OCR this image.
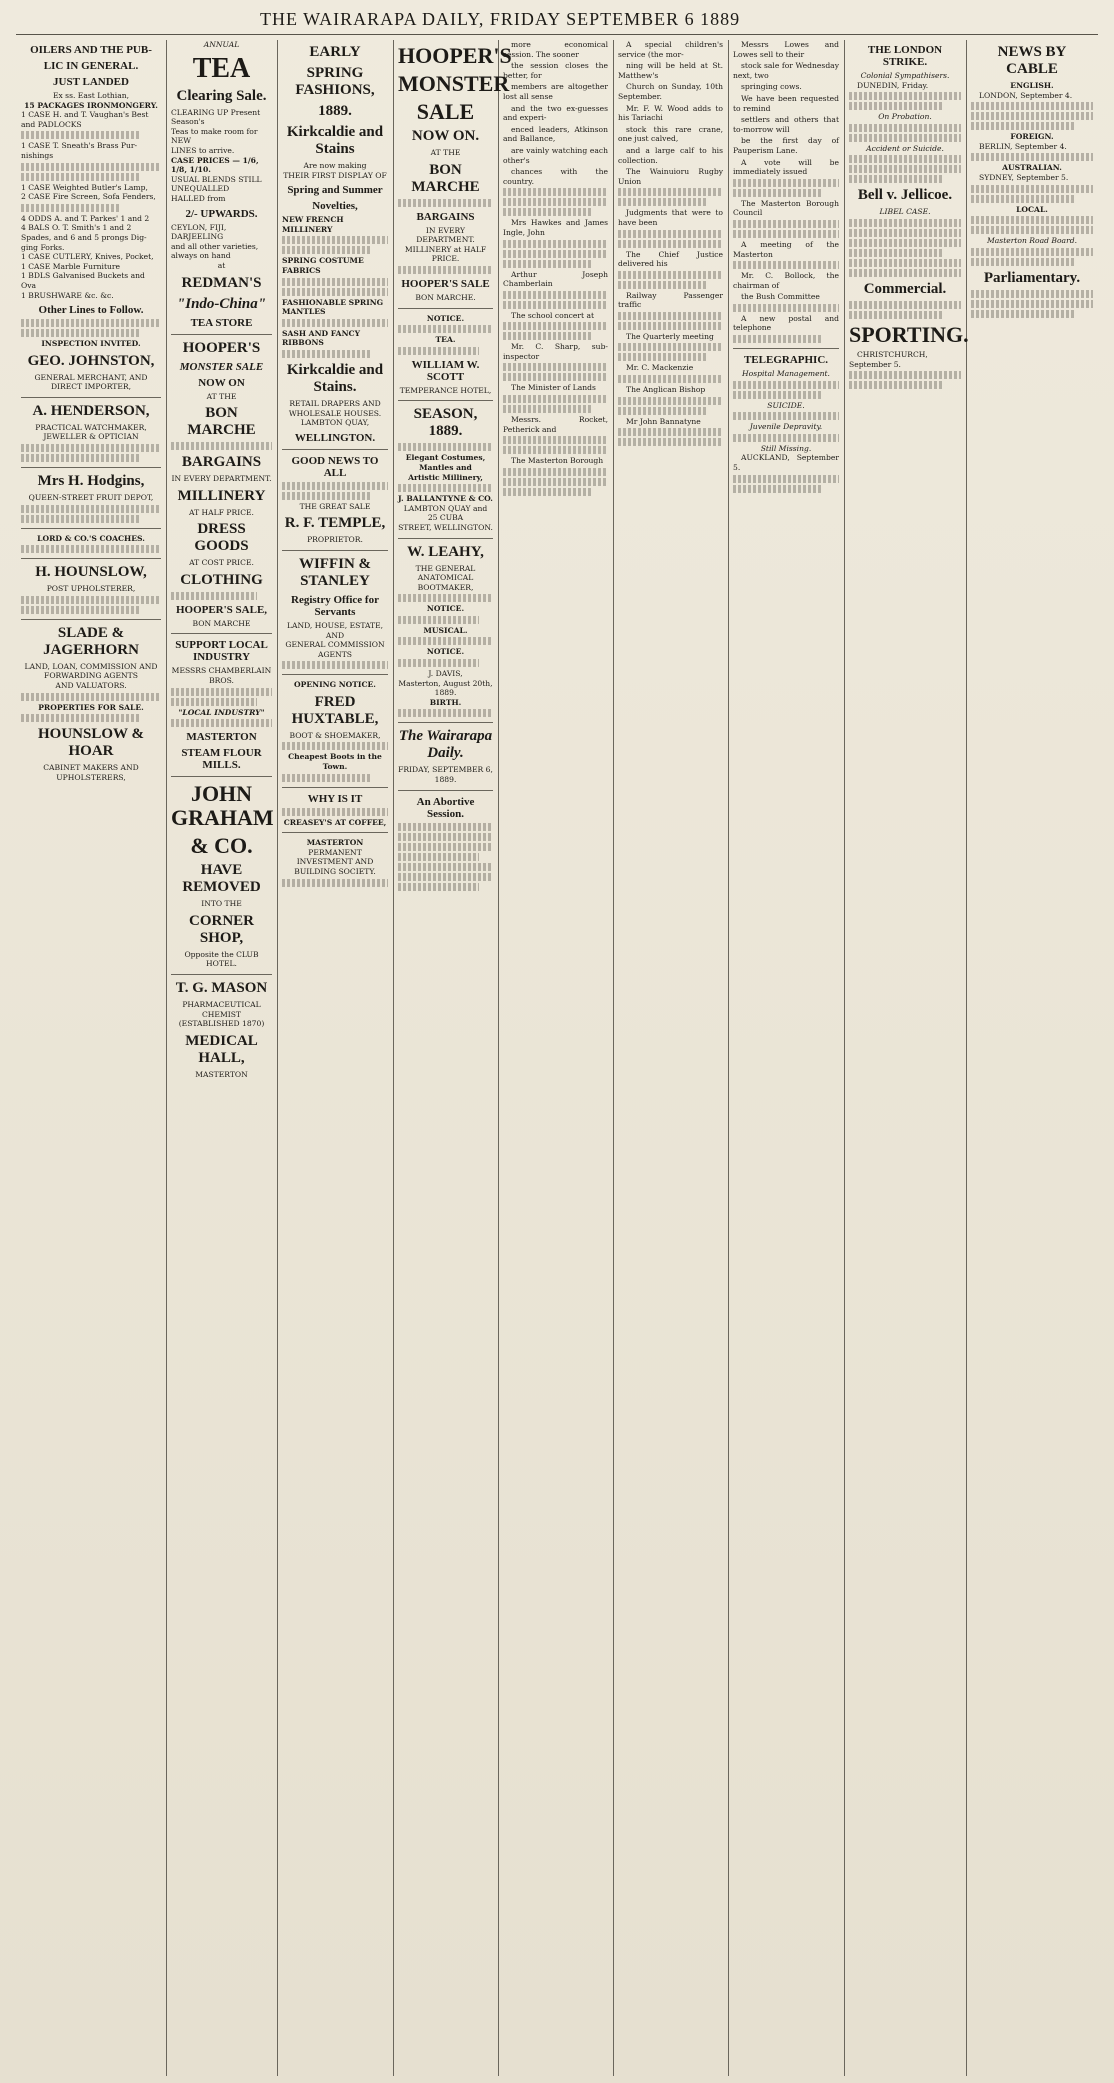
THE WAIRARAPA DAILY, FRIDAY SEPTEMBER 6 1889
OILERS AND THE PUB-
LIC IN GENERAL.
JUST LANDED
Ex ss. East Lothian,
15 PACKAGES IRONMONGERY.
1 CASE H. and T. Vaughan's Best
and PADLOCKS
1 CASE T. Sneath's Brass Pur-
nishings
1 CASE Weighted Butler's Lamp,
2 CASE Fire Screen, Sofa Fenders,
4 ODDS A. and T. Parkes' 1 and 2
4 BALS O. T. Smith's 1 and 2
Spades, and 6 and 5 prongs Dig-
ging Forks.
1 CASE CUTLERY, Knives, Pocket,
1 CASE Marble Furniture
1 BDLS Galvanised Buckets and Ova
1 BRUSHWARE &c. &c.
Other Lines to Follow.
INSPECTION INVITED.
GEO. JOHNSTON,
GENERAL MERCHANT, AND
DIRECT IMPORTER,
A. HENDERSON,
PRACTICAL WATCHMAKER,
JEWELLER & OPTICIAN
Mrs H. Hodgins,
QUEEN-STREET FRUIT DEPOT,
LORD & CO.'S COACHES.
H. HOUNSLOW,
POST UPHOLSTERER,
SLADE & JAGERHORN
LAND, LOAN, COMMISSION AND
FORWARDING AGENTS
AND VALUATORS.
PROPERTIES FOR SALE.
HOUNSLOW & HOAR
CABINET MAKERS AND
UPHOLSTERERS,
ANNUAL
TEA
Clearing Sale.
CLEARING UP Present Season's
Teas to make room for NEW
LINES to arrive.
CASE PRICES — 1/6, 1/8, 1/10.
USUAL BLENDS STILL UNEQUALLED
HALLED from
2/- UPWARDS.
CEYLON, FIJI, DARJEELING
and all other varieties, always on hand
at
REDMAN'S
"Indo-China"
TEA STORE
HOOPER'S
MONSTER SALE
NOW ON
AT THE
BON MARCHE
BARGAINS
IN EVERY DEPARTMENT.
MILLINERY
AT HALF PRICE.
DRESS GOODS
AT COST PRICE.
CLOTHING
HOOPER'S SALE,
BON MARCHE
SUPPORT LOCAL INDUSTRY
MESSRS CHAMBERLAIN BROS.
"LOCAL INDUSTRY"
MASTERTON
STEAM FLOUR MILLS.
JOHN GRAHAM
& CO.
HAVE REMOVED
INTO THE
CORNER SHOP,
Opposite the CLUB HOTEL.
T. G. MASON
PHARMACEUTICAL CHEMIST
(ESTABLISHED 1870)
MEDICAL HALL,
MASTERTON
EARLY
SPRING FASHIONS,
1889.
Kirkcaldie and Stains
Are now making
THEIR FIRST DISPLAY OF
Spring and Summer
Novelties,
NEW FRENCH MILLINERY
SPRING COSTUME FABRICS
FASHIONABLE SPRING MANTLES
SASH AND FANCY RIBBONS
Kirkcaldie and Stains.
RETAIL DRAPERS AND WHOLESALE HOUSES.
LAMBTON QUAY,
WELLINGTON.
GOOD NEWS TO ALL
THE GREAT SALE
R. F. TEMPLE,
PROPRIETOR.
WIFFIN & STANLEY
Registry Office for Servants
LAND, HOUSE, ESTATE, AND
GENERAL COMMISSION AGENTS
OPENING NOTICE.
FRED HUXTABLE,
BOOT & SHOEMAKER,
Cheapest Boots in the Town.
WHY IS IT
CREASEY'S AT COFFEE,
MASTERTON
PERMANENT INVESTMENT AND
BUILDING SOCIETY.
HOOPER'S
MONSTER
SALE
NOW ON.
AT THE
BON MARCHE
BARGAINS
IN EVERY DEPARTMENT.
MILLINERY at HALF PRICE.
HOOPER'S SALE
BON MARCHE.
NOTICE.
TEA.
WILLIAM W. SCOTT
TEMPERANCE HOTEL,
SEASON, 1889.
Elegant Costumes, Mantles and
Artistic Millinery,
J. BALLANTYNE & CO.
LAMBTON QUAY and 25 CUBA
STREET, WELLINGTON.
W. LEAHY,
THE GENERAL
ANATOMICAL BOOTMAKER,
NOTICE.
MUSICAL.
NOTICE.
J. DAVIS,
Masterton, August 20th, 1889.
BIRTH.
The Wairarapa Daily.
FRIDAY, SEPTEMBER 6, 1889.
An Abortive Session.
more economical session. The sooner
the session closes the better, for
members are altogether lost all sense
and the two ex-guesses and experi-
enced leaders, Atkinson and Ballance,
are vainly watching each other's
chances with the country.
Mrs Hawkes and James Ingle, John
Arthur Joseph Chamberlain
The school concert at
Mr. C. Sharp, sub-inspector
The Minister of Lands
Messrs. Rocket, Petherick and
The Masterton Borough
A special children's service (the mor-
ning will be held at St. Matthew's
Church on Sunday, 10th September.
Mr. F. W. Wood adds to his Tariachi
stock this rare crane, one just calved,
and a large calf to his collection.
The Wainuioru Rugby Union
Judgments that were to have been
The Chief Justice delivered his
Railway Passenger traffic
The Quarterly meeting
Mr. C. Mackenzie
The Anglican Bishop
Mr John Bannatyne
Messrs Lowes and Lowes sell to their
stock sale for Wednesday next, two
springing cows.
We have been requested to remind
settlers and others that to-morrow will
be the first day of Pauperism Lane.
A vote will be immediately issued
The Masterton Borough Council
A meeting of the Masterton
Mr. C. Bollock, the chairman of
the Bush Committee
A new postal and telephone
TELEGRAPHIC.
Hospital Management.
SUICIDE.
Juvenile Depravity.
Still Missing.
AUCKLAND, September 5.
THE LONDON STRIKE.
Colonial Sympathisers.
DUNEDIN, Friday.
On Probation.
Accident or Suicide.
Bell v. Jellicoe.
LIBEL CASE.
Commercial.
SPORTING.
CHRISTCHURCH, September 5.
NEWS BY CABLE
ENGLISH.
LONDON, September 4.
FOREIGN.
BERLIN, September 4.
AUSTRALIAN.
SYDNEY, September 5.
LOCAL.
Masterton Road Board.
Parliamentary.
